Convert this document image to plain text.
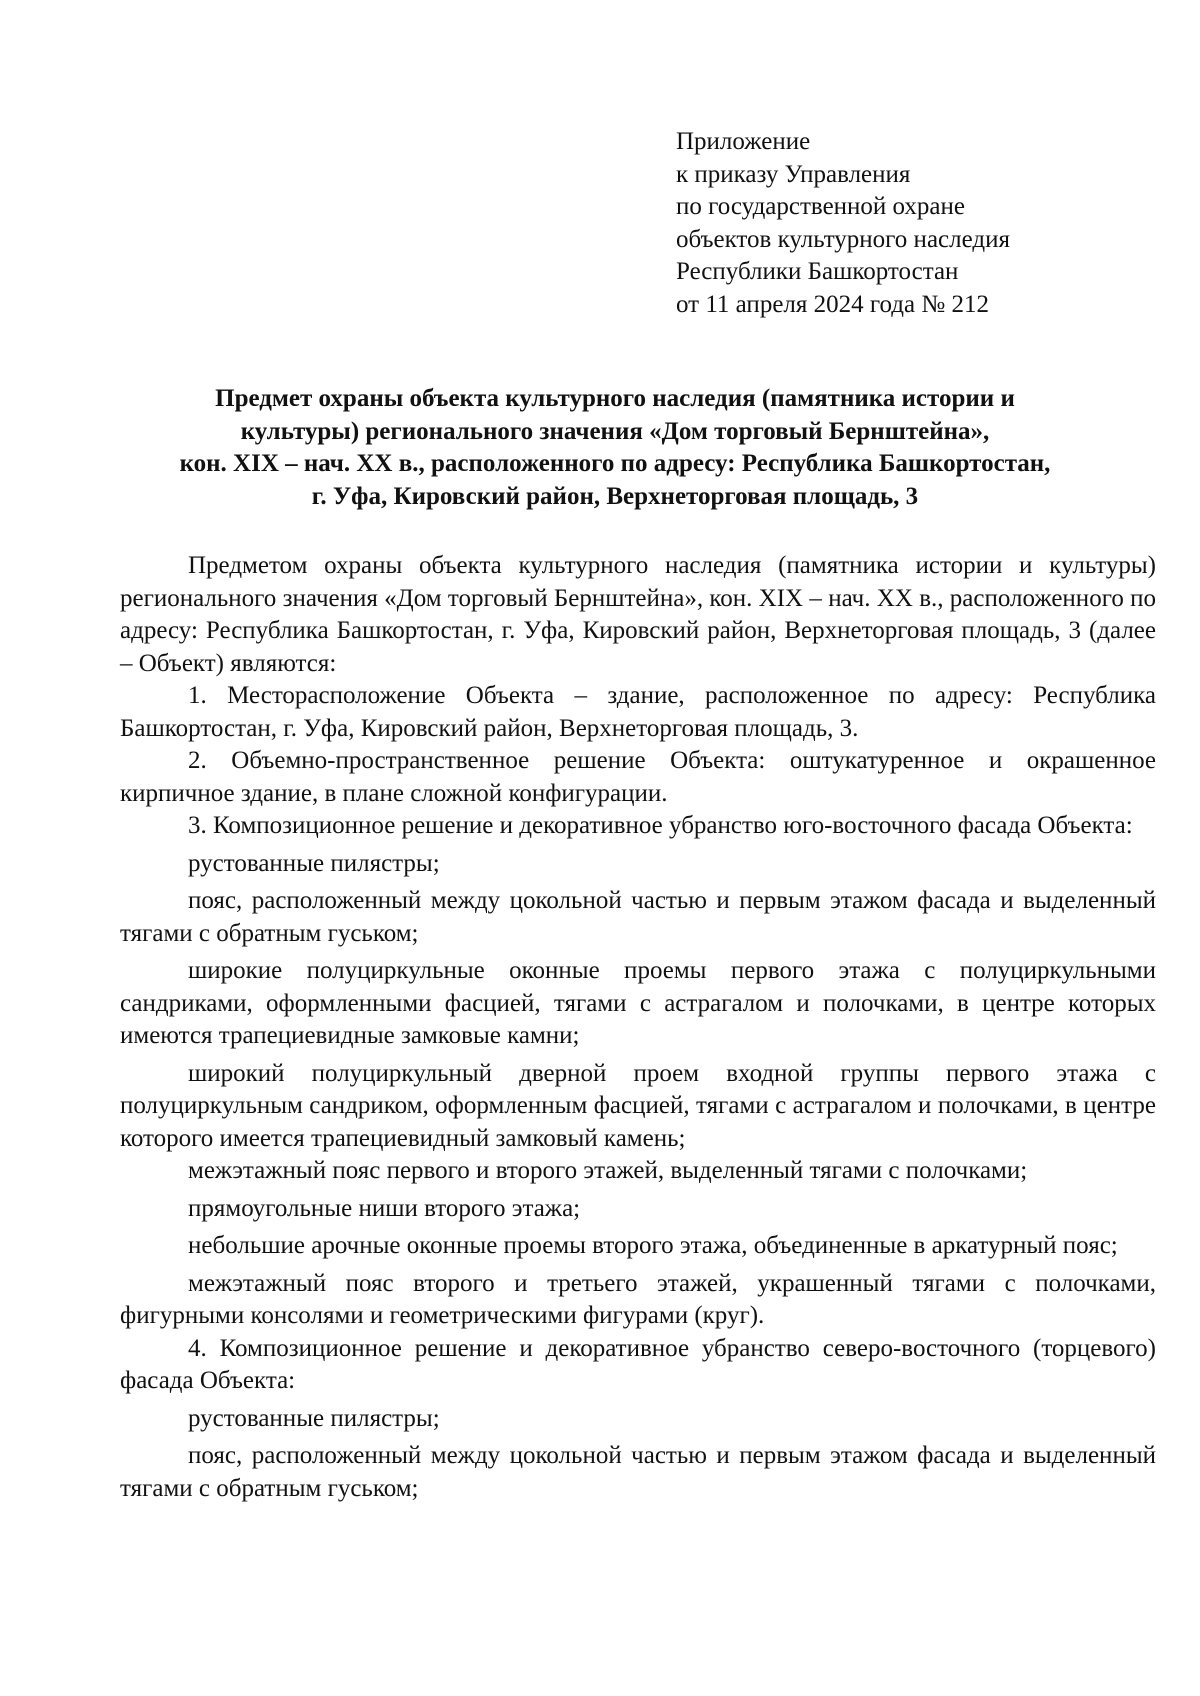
Приложение
к приказу Управления
по государственной охране
объектов культурного наследия
Республики Башкортостан
от 11 апреля 2024 года № 212
Предмет охраны объекта культурного наследия (памятника истории и
культуры) регионального значения «Дом торговый Бернштейна»,
кон. XIX – нач. XX в., расположенного по адресу: Республика Башкортостан,
г. Уфа, Кировский район, Верхнеторговая площадь, 3

Предметом охраны объекта культурного наследия (памятника истории и культуры) регионального значения «Дом торговый Бернштейна», кон. XIX – нач. XX в., расположенного по адресу: Республика Башкортостан, г. Уфа, Кировский район, Верхнеторговая площадь, 3 (далее – Объект) являются:

1. Месторасположение Объекта – здание, расположенное по адресу: Республика Башкортостан, г. Уфа, Кировский район, Верхнеторговая площадь, 3.

2. Объемно-пространственное решение Объекта: оштукатуренное и окрашенное кирпичное здание, в плане сложной конфигурации.

3. Композиционное решение и декоративное убранство юго-восточного фасада Объекта:

рустованные пилястры;

пояс, расположенный между цокольной частью и первым этажом фасада и выделенный тягами с обратным гуськом;

широкие полуциркульные оконные проемы первого этажа с полуциркульными сандриками, оформленными фасцией, тягами с астрагалом и полочками, в центре которых имеются трапециевидные замковые камни;

широкий полуциркульный дверной проем входной группы первого этажа с полуциркульным сандриком, оформленным фасцией, тягами с астрагалом и полочками, в центре которого имеется трапециевидный замковый камень;

межэтажный пояс первого и второго этажей, выделенный тягами с полочками;

прямоугольные ниши второго этажа;

небольшие арочные оконные проемы второго этажа, объединенные в аркатурный пояс;

межэтажный пояс второго и третьего этажей, украшенный тягами с полочками, фигурными консолями и геометрическими фигурами (круг).

4. Композиционное решение и декоративное убранство северо-восточного (торцевого) фасада Объекта:

рустованные пилястры;

пояс, расположенный между цокольной частью и первым этажом фасада и выделенный тягами с обратным гуськом;
